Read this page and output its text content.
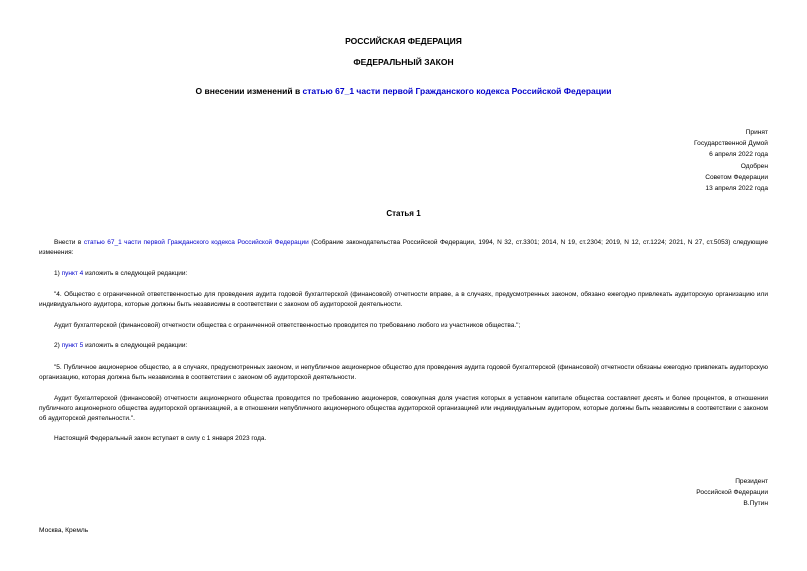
РОССИЙСКАЯ ФЕДЕРАЦИЯ
ФЕДЕРАЛЬНЫЙ ЗАКОН
О внесении изменений в статью 67_1 части первой Гражданского кодекса Российской Федерации
Принят
Государственной Думой
6 апреля 2022 года
Одобрен
Советом Федерации
13 апреля 2022 года
Статья 1
Внести в статью 67_1 части первой Гражданского кодекса Российской Федерации (Собрание законодательства Российской Федерации, 1994, N 32, ст.3301; 2014, N 19, ст.2304; 2019, N 12, ст.1224; 2021, N 27, ст.5053) следующие изменения:
1) пункт 4 изложить в следующей редакции:
"4. Общество с ограниченной ответственностью для проведения аудита годовой бухгалтерской (финансовой) отчетности вправе, а в случаях, предусмотренных законом, обязано ежегодно привлекать аудиторскую организацию или индивидуального аудитора, которые должны быть независимы в соответствии с законом об аудиторской деятельности.
Аудит бухгалтерской (финансовой) отчетности общества с ограниченной ответственностью проводится по требованию любого из участников общества.";
2) пункт 5 изложить в следующей редакции:
"5. Публичное акционерное общество, а в случаях, предусмотренных законом, и непубличное акционерное общество для проведения аудита годовой бухгалтерской (финансовой) отчетности обязаны ежегодно привлекать аудиторскую организацию, которая должна быть независима в соответствии с законом об аудиторской деятельности.
Аудит бухгалтерской (финансовой) отчетности акционерного общества проводится по требованию акционеров, совокупная доля участия которых в уставном капитале общества составляет десять и более процентов, в отношении публичного акционерного общества аудиторской организацией, а в отношении непубличного акционерного общества аудиторской организацией или индивидуальным аудитором, которые должны быть независимы в соответствии с законом об аудиторской деятельности.".
Настоящий Федеральный закон вступает в силу с 1 января 2023 года.
Президент
Российской Федерации
В.Путин
Москва, Кремль
